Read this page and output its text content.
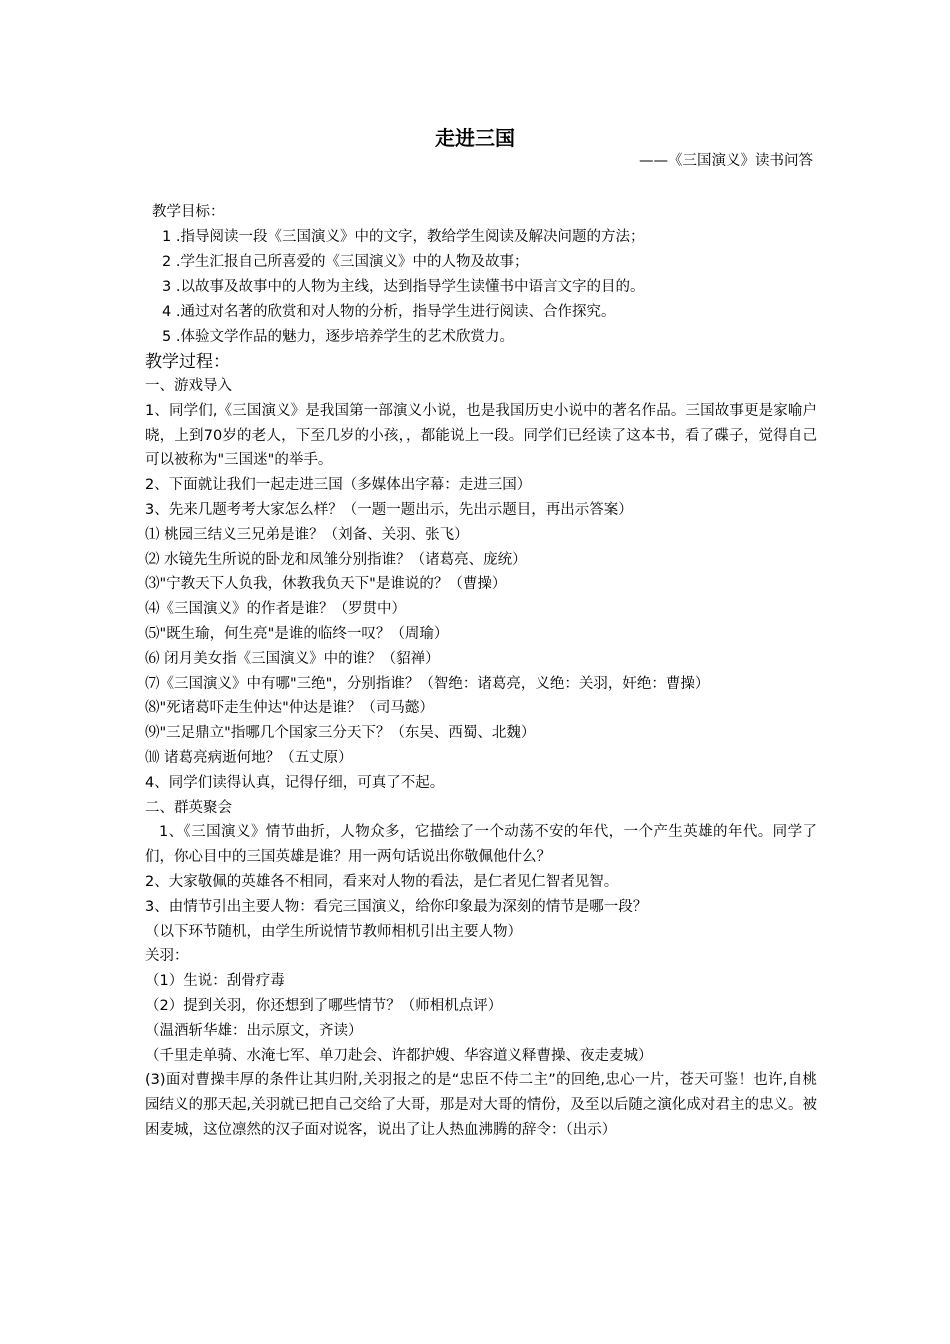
走进三国
——《三国演义》读书问答
教学目标：
1 .指导阅读一段《三国演义》中的文字，教给学生阅读及解决问题的方法；
2 .学生汇报自己所喜爱的《三国演义》中的人物及故事；
3 .以故事及故事中的人物为主线，达到指导学生读懂书中语言文字的目的。
4 .通过对名著的欣赏和对人物的分析，指导学生进行阅读、合作探究。
5 .体验文学作品的魅力，逐步培养学生的艺术欣赏力。
教学过程：
一、游戏导入
1、同学们,《三国演义》是我国第一部演义小说，也是我国历史小说中的著名作品。三国故事更是家喻户晓，上到70岁的老人，下至几岁的小孩，，都能说上一段。同学们已经读了这本书，看了碟子，觉得自己可以被称为"三国迷"的举手。
2、下面就让我们一起走进三国（多媒体出字幕：走进三国）
3、先来几题考考大家怎么样？（一题一题出示，先出示题目，再出示答案）
⑴ 桃园三结义三兄弟是谁？（刘备、关羽、张飞）
⑵ 水镜先生所说的卧龙和凤雏分别指谁？（诸葛亮、庞统）
⑶"宁教天下人负我，休教我负天下"是谁说的？（曹操）
⑷《三国演义》的作者是谁？（罗贯中）
⑸"既生瑜，何生亮"是谁的临终一叹？（周瑜）
⑹ 闭月美女指《三国演义》中的谁？（貂禅）
⑺《三国演义》中有哪"三绝"，分别指谁？（智绝：诸葛亮，义绝：关羽，奸绝：曹操）
⑻"死诸葛吓走生仲达"仲达是谁？（司马懿）
⑼"三足鼎立"指哪几个国家三分天下？（东吴、西蜀、北魏）
⑽ 诸葛亮病逝何地？（五丈原）
4、同学们读得认真，记得仔细，可真了不起。
二、群英聚会
1、《三国演义》情节曲折，人物众多，它描绘了一个动荡不安的年代，一个产生英雄的年代。同学了们，你心目中的三国英雄是谁？用一两句话说出你敬佩他什么？
2、大家敬佩的英雄各不相同，看来对人物的看法，是仁者见仁智者见智。
3、由情节引出主要人物：看完三国演义，给你印象最为深刻的情节是哪一段？
（以下环节随机，由学生所说情节教师相机引出主要人物）
关羽：
（1）生说：刮骨疗毒
（2）提到关羽，你还想到了哪些情节？（师相机点评）
（温酒斩华雄：出示原文，齐读）
（千里走单骑、水淹七军、单刀赴会、许都护嫂、华容道义释曹操、夜走麦城）
(3)面对曹操丰厚的条件让其归附,关羽报之的是“忠臣不侍二主”的回绝,忠心一片，苍天可鉴！也许,自桃园结义的那天起,关羽就已把自己交给了大哥，那是对大哥的情份，及至以后随之演化成对君主的忠义。被困麦城，这位凛然的汉子面对说客，说出了让人热血沸腾的辞令：（出示）
